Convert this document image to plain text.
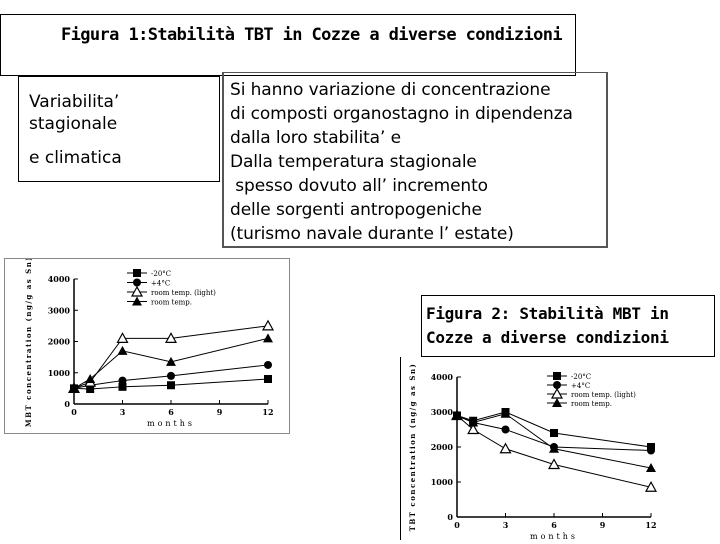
Figura 1:Stabilità TBT in Cozze a diverse condizioni
Variabilita’
stagionale
e climatica
Si hanno variazione di concentrazione
di composti organostagno in dipendenza
dalla loro stabilita’ e
Dalla temperatura stagionale
spesso dovuto all’ incremento
delle sorgenti antropogeniche
(turismo navale durante l’ estate)
0
1000
2000
3000
4000
0	3	6	9	12
months
MBT concentration (ng/g as Sn)	-20°C
+4°C
room temp. (light)
room temp.
Figura 2: Stabilità MBT in
Cozze a diverse condizioni
0
1000
2000
3000
4000
0	3	6	9	12
months
TBT concentration (ng/g as Sn)	-20°C
+4°C
room temp. (light)
room temp.
